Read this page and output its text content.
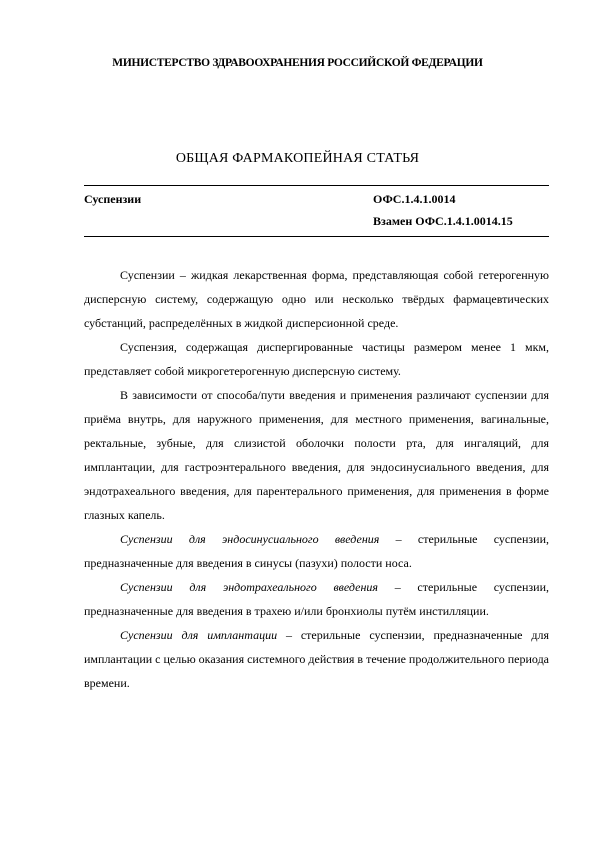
МИНИСТЕРСТВО ЗДРАВООХРАНЕНИЯ РОССИЙСКОЙ ФЕДЕРАЦИИ
ОБЩАЯ ФАРМАКОПЕЙНАЯ СТАТЬЯ
Суспензии	ОФС.1.4.1.0014
Взамен ОФС.1.4.1.0014.15

Суспензии – жидкая лекарственная форма, представляющая собой гетерогенную дисперсную систему, содержащую одно или несколько твёрдых фармацевтических субстанций, распределённых в жидкой дисперсионной среде.

Суспензия, содержащая диспергированные частицы размером менее 1 мкм, представляет собой микрогетерогенную дисперсную систему.

В зависимости от способа/пути введения и применения различают суспензии для приёма внутрь, для наружного применения, для местного применения, вагинальные, ректальные, зубные, для слизистой оболочки полости рта, для ингаляций, для имплантации, для гастроэнтерального введения, для эндосинусиального введения, для эндотрахеального введения, для парентерального применения, для применения в форме глазных капель.

Суспензии для эндосинусиального введения – стерильные суспензии, предназначенные для введения в синусы (пазухи) полости носа.

Суспензии для эндотрахеального введения – стерильные суспензии, предназначенные для введения в трахею и/или бронхиолы путём инстилляции.

Суспензии для имплантации – стерильные суспензии, предназначенные для имплантации с целью оказания системного действия в течение продолжительного периода времени.
